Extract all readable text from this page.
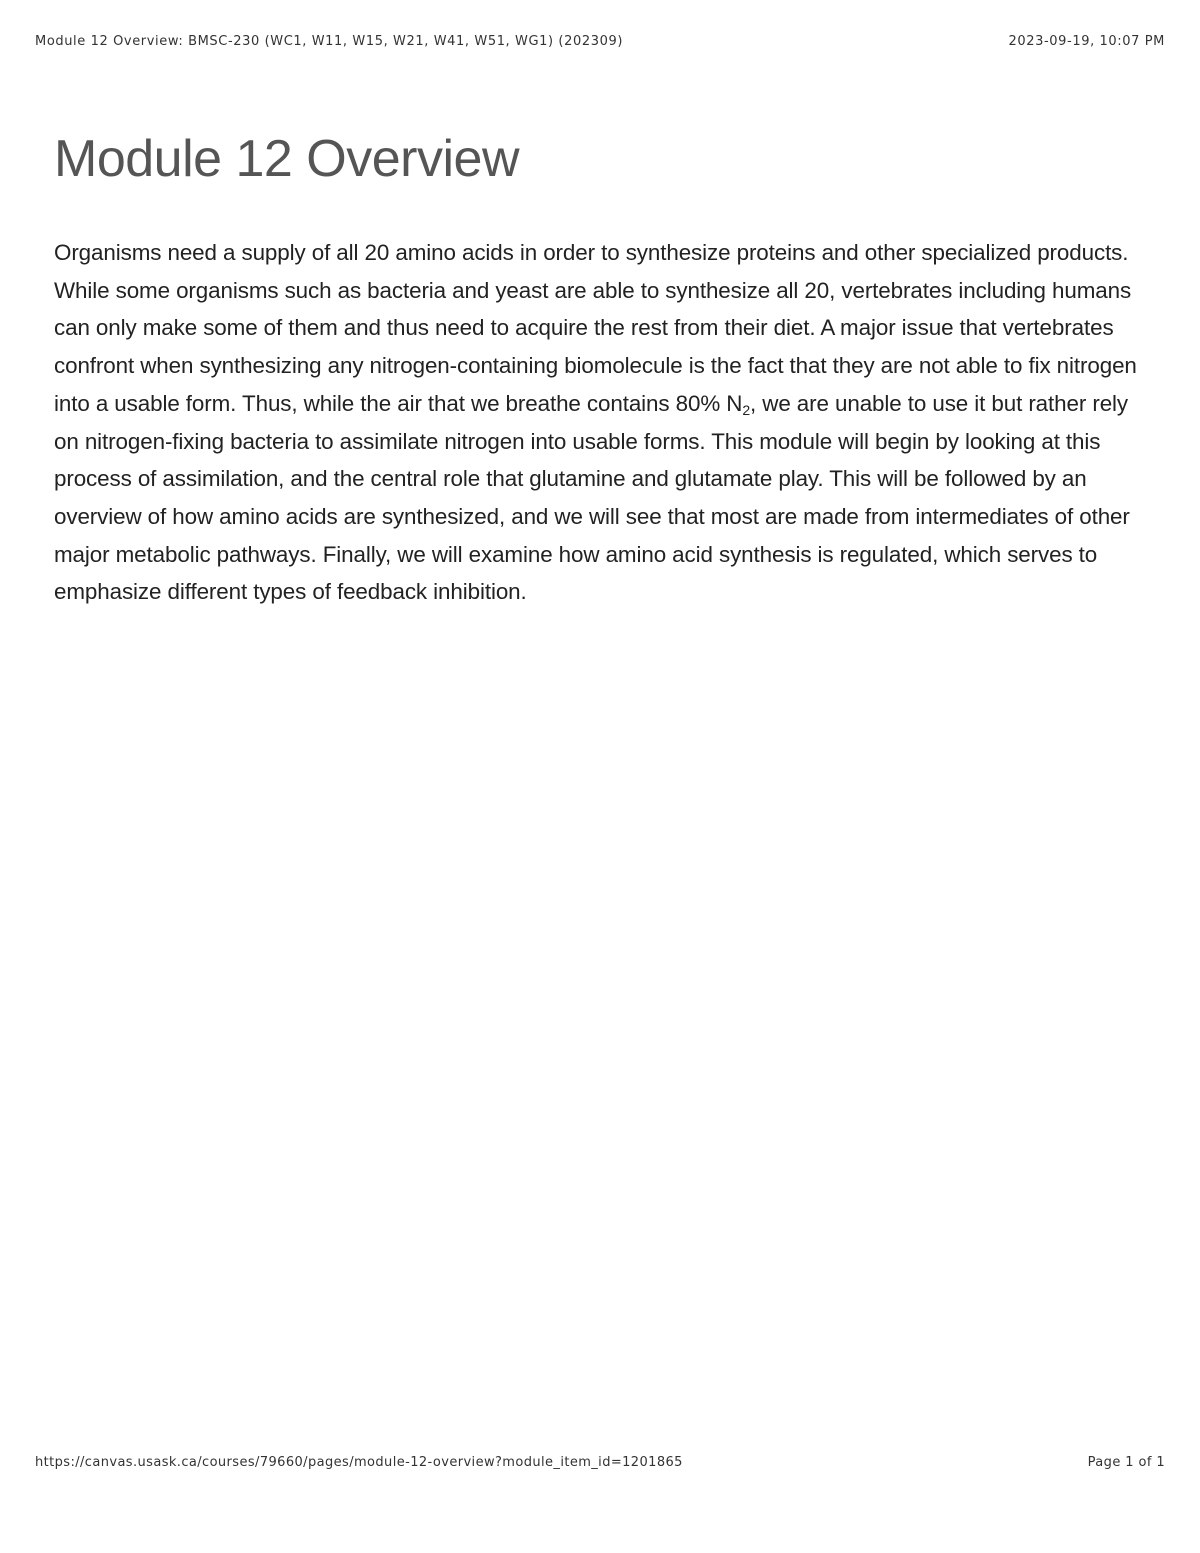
Module 12 Overview: BMSC-230 (WC1, W11, W15, W21, W41, W51, WG1) (202309)	2023-09-19, 10:07 PM
Module 12 Overview

Organisms need a supply of all 20 amino acids in order to synthesize proteins and other specialized products. While some organisms such as bacteria and yeast are able to synthesize all 20, vertebrates including humans can only make some of them and thus need to acquire the rest from their diet. A major issue that vertebrates confront when synthesizing any nitrogen-containing biomolecule is the fact that they are not able to fix nitrogen into a usable form. Thus, while the air that we breathe contains 80% $N_2$, we are unable to use it but rather rely on nitrogen-fixing bacteria to assimilate nitrogen into usable forms. This module will begin by looking at this process of assimilation, and the central role that glutamine and glutamate play. This will be followed by an overview of how amino acids are synthesized, and we will see that most are made from intermediates of other major metabolic pathways. Finally, we will examine how amino acid synthesis is regulated, which serves to emphasize different types of feedback inhibition.

https://canvas.usask.ca/courses/79660/pages/module-12-overview?module_item_id=1201865	Page 1 of 1
